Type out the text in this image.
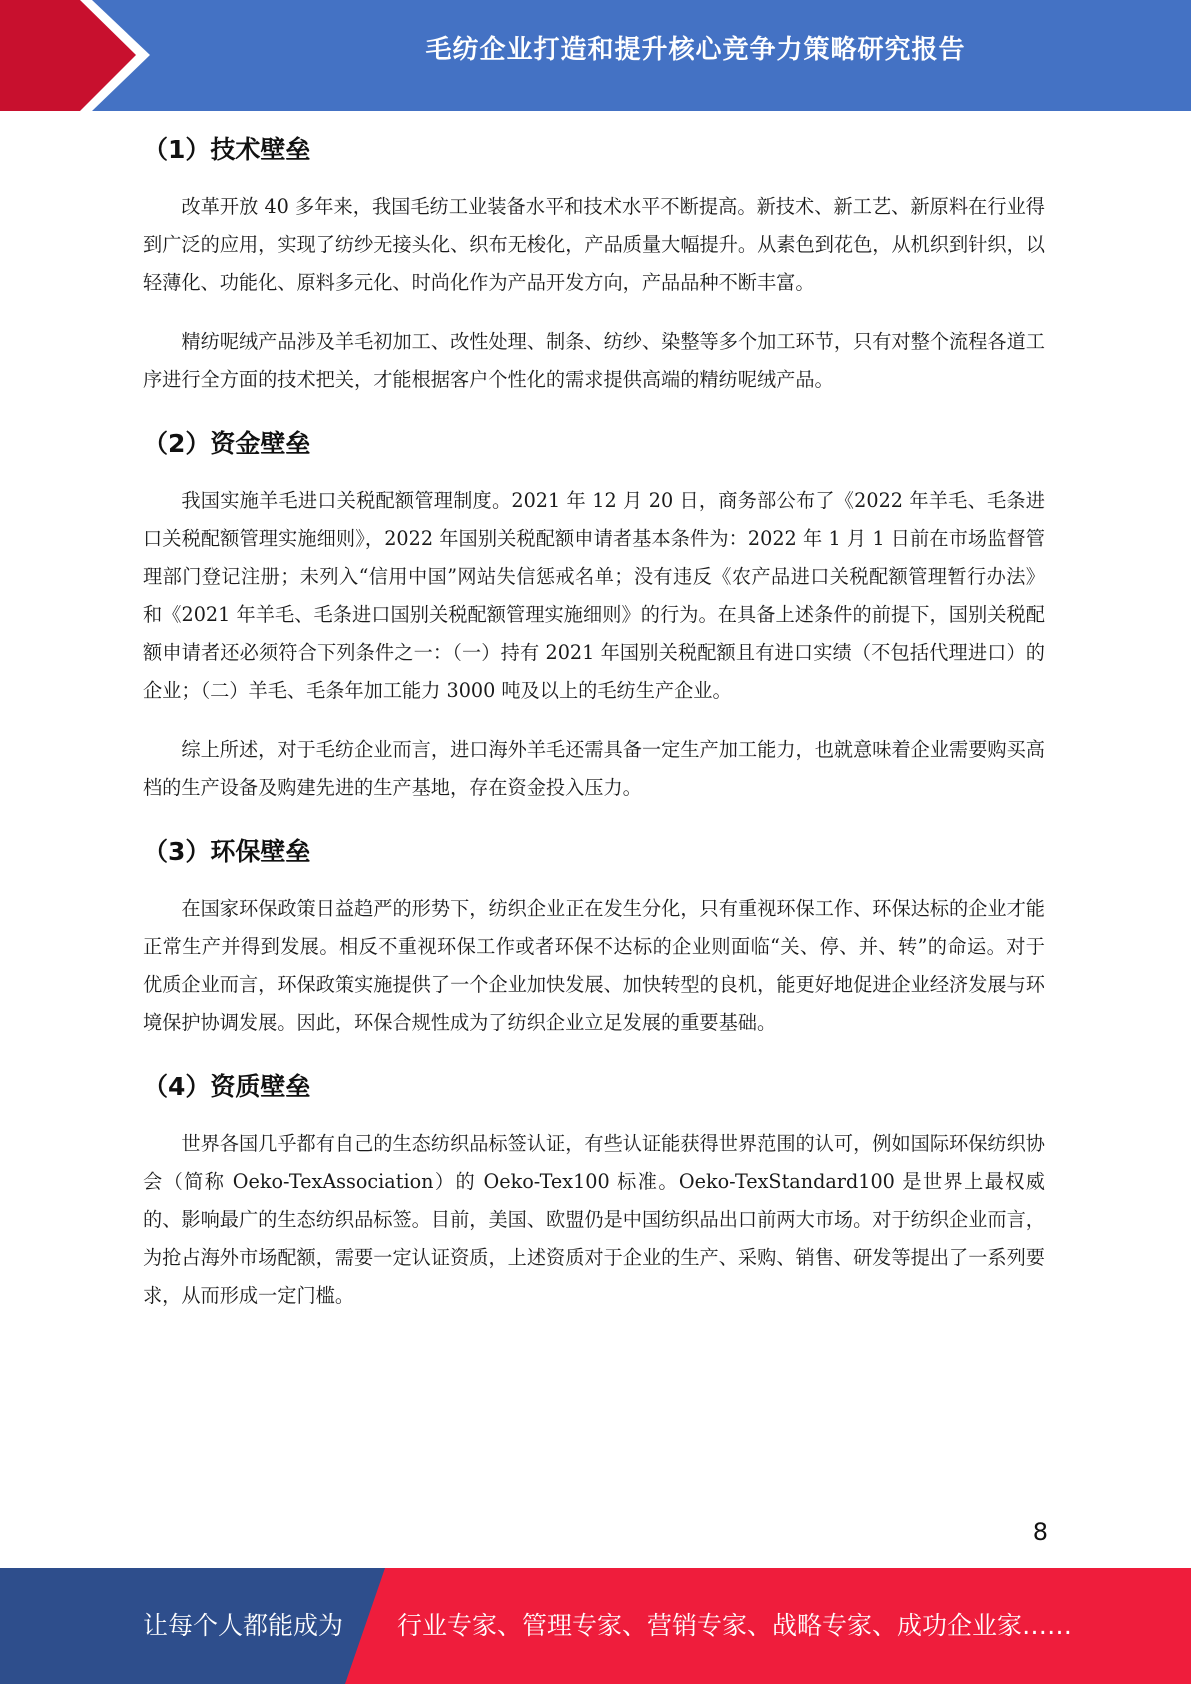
毛纺企业打造和提升核心竞争力策略研究报告
（1）技术壁垒

改革开放 40 多年来，我国毛纺工业装备水平和技术水平不断提高。新技术、新工艺、新原料在行业得到广泛的应用，实现了纺纱无接头化、织布无梭化，产品质量大幅提升。从素色到花色，从机织到针织，以轻薄化、功能化、原料多元化、时尚化作为产品开发方向，产品品种不断丰富。

精纺呢绒产品涉及羊毛初加工、改性处理、制条、纺纱、染整等多个加工环节，只有对整个流程各道工序进行全方面的技术把关，才能根据客户个性化的需求提供高端的精纺呢绒产品。

（2）资金壁垒

我国实施羊毛进口关税配额管理制度。2021 年 12 月 20 日，商务部公布了《2022 年羊毛、毛条进口关税配额管理实施细则》，2022 年国别关税配额申请者基本条件为：2022 年 1 月 1 日前在市场监督管理部门登记注册；未列入“信用中国”网站失信惩戒名单；没有违反《农产品进口关税配额管理暂行办法》和《2021 年羊毛、毛条进口国别关税配额管理实施细则》的行为。在具备上述条件的前提下，国别关税配额申请者还必须符合下列条件之一：（一）持有 2021 年国别关税配额且有进口实绩（不包括代理进口）的企业；（二）羊毛、毛条年加工能力 3000 吨及以上的毛纺生产企业。

综上所述，对于毛纺企业而言，进口海外羊毛还需具备一定生产加工能力，也就意味着企业需要购买高档的生产设备及购建先进的生产基地，存在资金投入压力。

（3）环保壁垒

在国家环保政策日益趋严的形势下，纺织企业正在发生分化，只有重视环保工作、环保达标的企业才能正常生产并得到发展。相反不重视环保工作或者环保不达标的企业则面临“关、停、并、转”的命运。对于优质企业而言，环保政策实施提供了一个企业加快发展、加快转型的良机，能更好地促进企业经济发展与环境保护协调发展。因此，环保合规性成为了纺织企业立足发展的重要基础。

（4）资质壁垒

世界各国几乎都有自己的生态纺织品标签认证，有些认证能获得世界范围的认可，例如国际环保纺织协会（简称 Oeko-TexAssociation）的 Oeko-Tex100 标准。Oeko-TexStandard100 是世界上最权威的、影响最广的生态纺织品标签。目前，美国、欧盟仍是中国纺织品出口前两大市场。对于纺织企业而言，为抢占海外市场配额，需要一定认证资质，上述资质对于企业的生产、采购、销售、研发等提出了一系列要求，从而形成一定门槛。

8
让每个人都能成为 行业专家、管理专家、营销专家、战略专家、成功企业家……
